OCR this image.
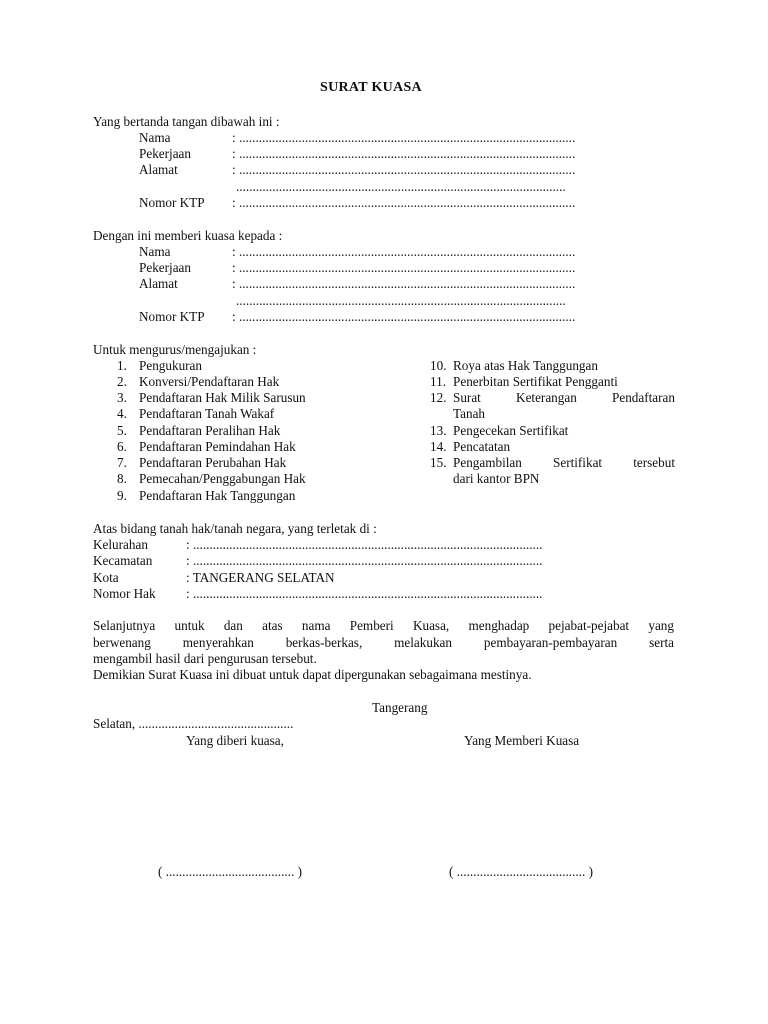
SURAT KUASA
Yang bertanda tangan dibawah ini :
Nama	: ......................................................................................................
Pekerjaan	: ......................................................................................................
Alamat	: ......................................................................................................
....................................................................................................
Nomor KTP : ......................................................................................................
Dengan ini memberi kuasa kepada :
Nama	: ......................................................................................................
Pekerjaan	: ......................................................................................................
Alamat	: ......................................................................................................
....................................................................................................
Nomor KTP : ......................................................................................................
Untuk mengurus/mengajukan :
1. Pengukuran
2. Konversi/Pendaftaran Hak
3. Pendaftaran Hak Milik Sarusun
4. Pendaftaran Tanah Wakaf
5. Pendaftaran Peralihan Hak
6. Pendaftaran Pemindahan Hak
7. Pendaftaran Perubahan Hak
8. Pemecahan/Penggabungan Hak
9. Pendaftaran Hak Tanggungan
10. Roya atas Hak Tanggungan
11. Penerbitan Sertifikat Pengganti
12. Surat Keterangan Pendaftaran
Tanah
13. Pengecekan Sertifikat
14. Pencatatan
15. Pengambilan Sertifikat tersebut
dari kantor BPN
Atas bidang tanah hak/tanah negara, yang terletak di :
Kelurahan	: ..........................................................................................................
Kecamatan	: ..........................................................................................................
Kota	: TANGERANG SELATAN
Nomor Hak : ..........................................................................................................
Selanjutnya untuk dan atas nama Pemberi Kuasa, menghadap pejabat-pejabat yang
berwenang menyerahkan berkas-berkas, melakukan pembayaran-pembayaran serta
mengambil hasil dari pengurusan tersebut.
Demikian Surat Kuasa ini dibuat untuk dapat dipergunakan sebagaimana mestinya.
Tangerang
Selatan, ...............................................
Yang diberi kuasa,	Yang Memberi Kuasa
( ....................................... )	( ....................................... )
